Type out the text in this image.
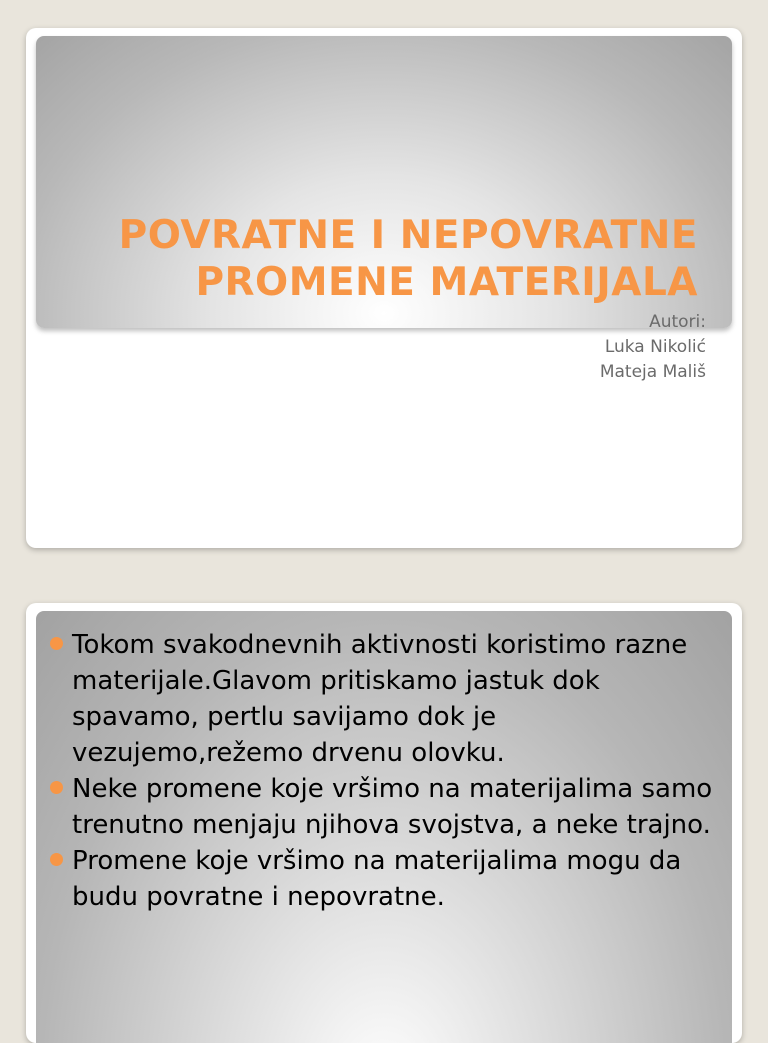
POVRATNE I NEPOVRATNE
PROMENE MATERIJALA
Autori:
Luka Nikolić
Mateja Mališ
Tokom svakodnevnih aktivnosti koristimo razne materijale.Glavom pritiskamo jastuk dok spavamo, pertlu savijamo dok je vezujemo,režemo drvenu olovku.
Neke promene koje vršimo na materijalima samo trenutno menjaju njihova svojstva, a neke trajno.
Promene koje vršimo na materijalima mogu da budu povratne i nepovratne.
